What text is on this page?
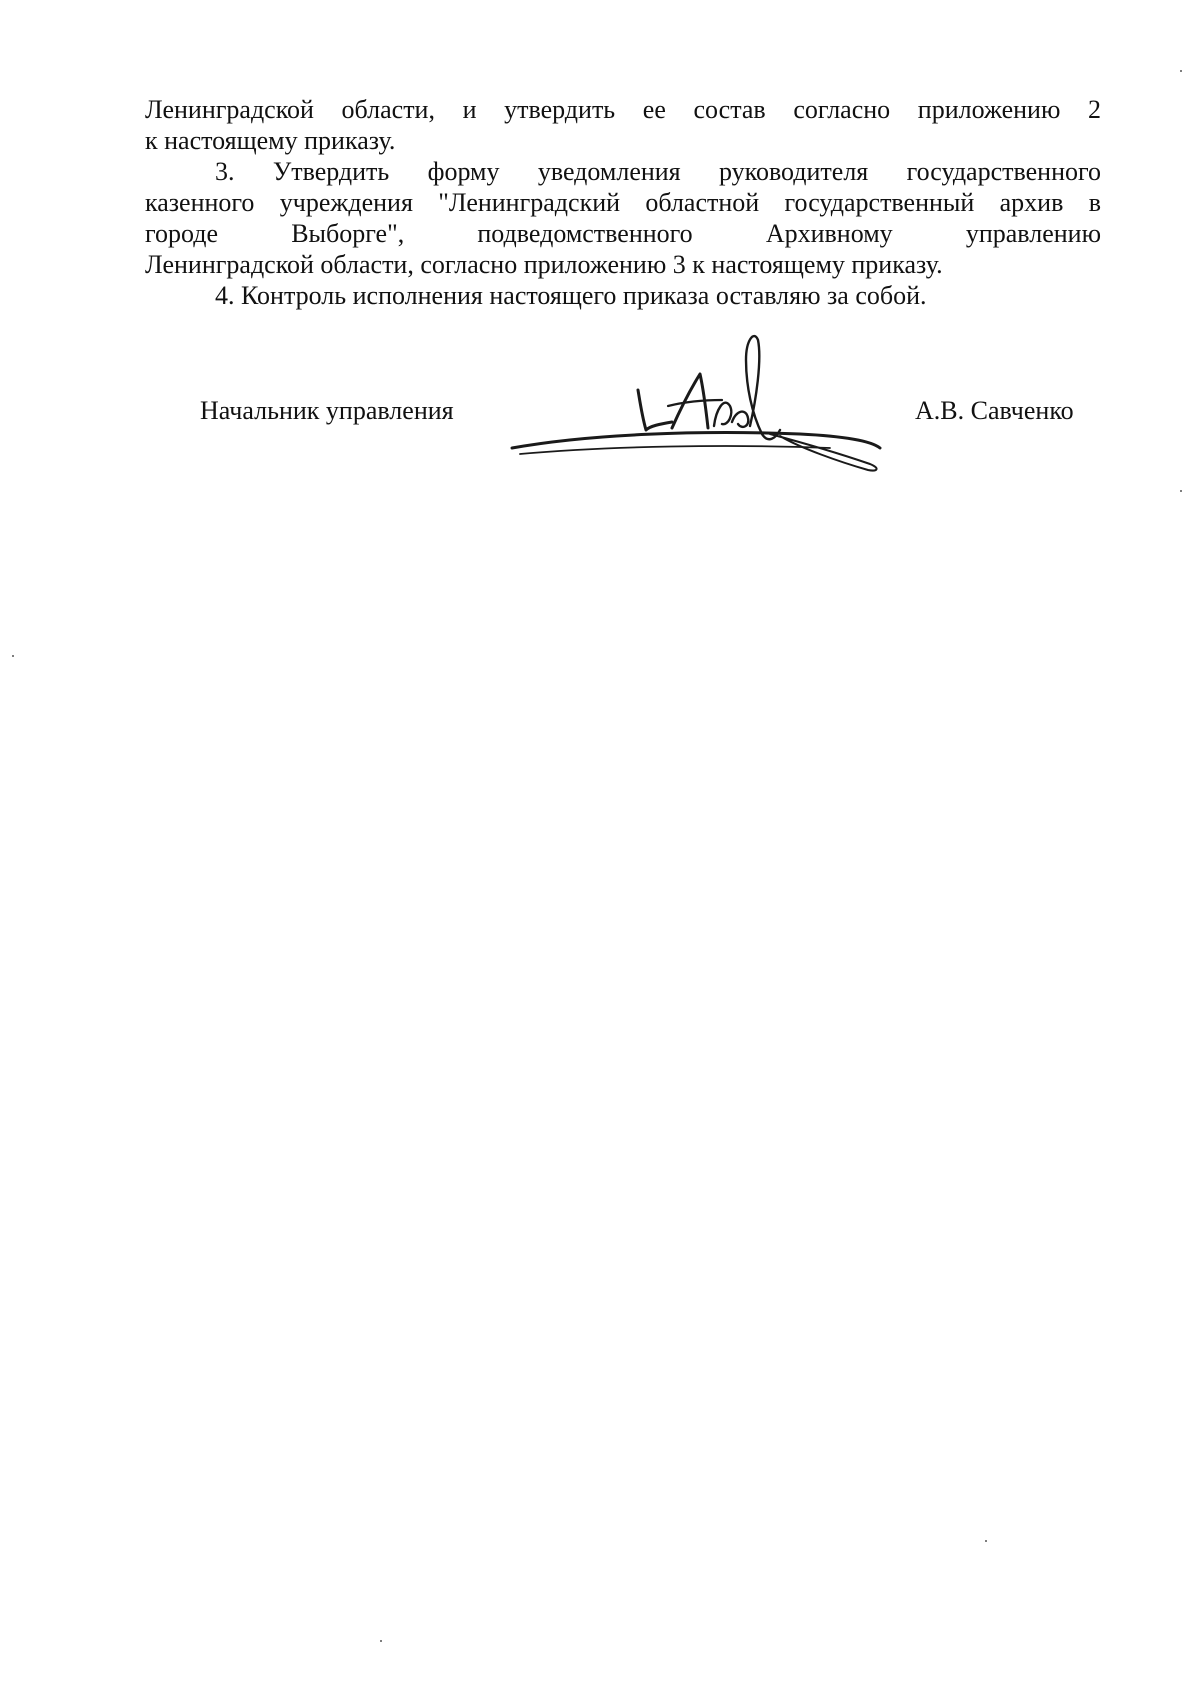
Ленинградской области, и утвердить ее состав согласно приложению 2
к настоящему приказу.

3. Утвердить форму уведомления руководителя государственного
казенного учреждения "Ленинградский областной государственный архив в
городе Выборге", подведомственного Архивному управлению
Ленинградской области, согласно приложению 3 к настоящему приказу.

4. Контроль исполнения настоящего приказа оставляю за собой.

Начальник управления	А.В. Савченко
